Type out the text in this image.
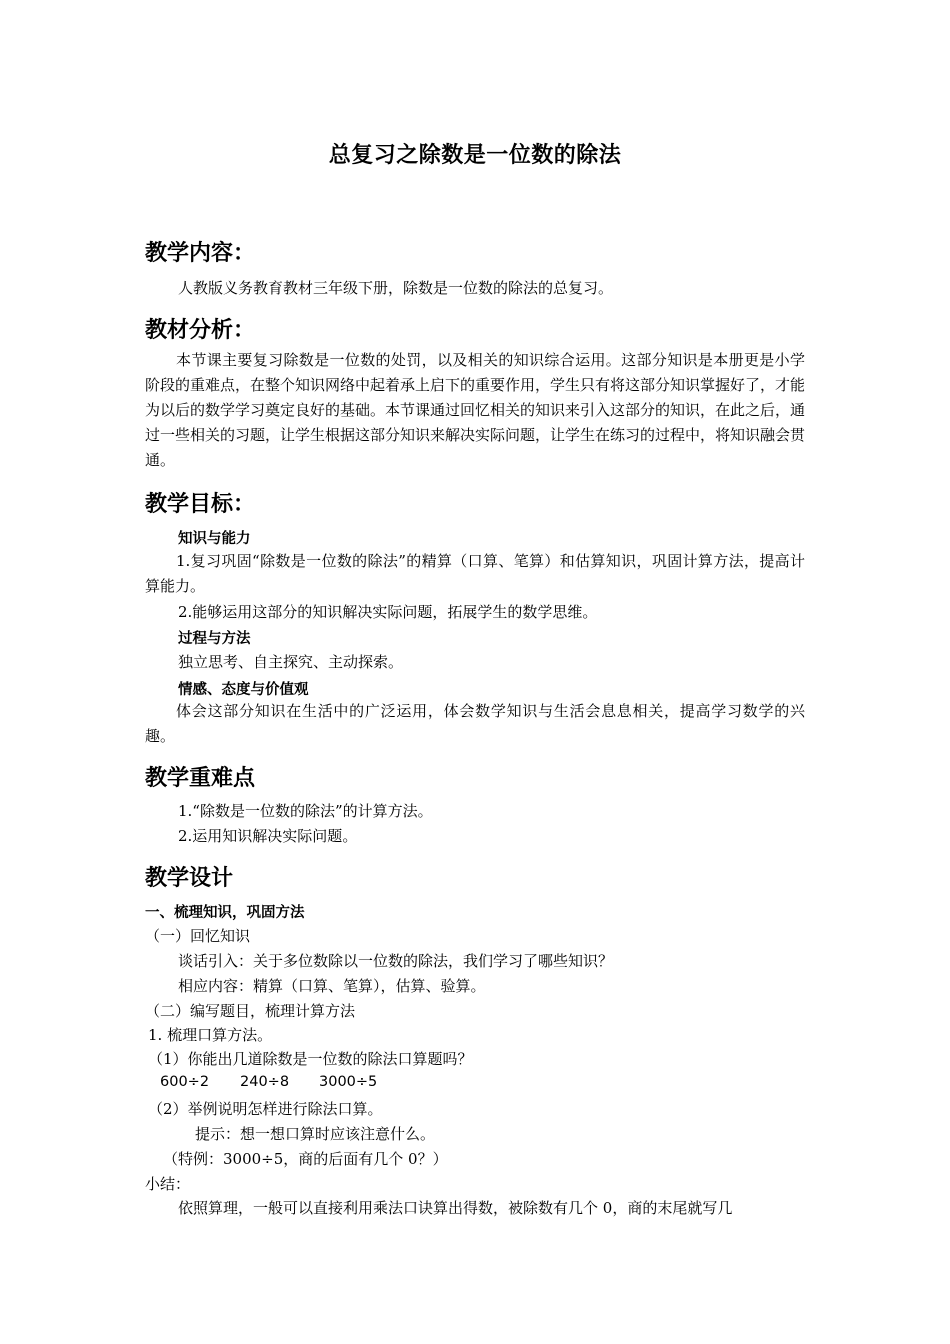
总复习之除数是一位数的除法
教学内容：
人教版义务教育教材三年级下册，除数是一位数的除法的总复习。
教材分析：
本节课主要复习除数是一位数的处罚，以及相关的知识综合运用。这部分知识是本册更是小学阶段的重难点，在整个知识网络中起着承上启下的重要作用，学生只有将这部分知识掌握好了，才能为以后的数学学习奠定良好的基础。本节课通过回忆相关的知识来引入这部分的知识，在此之后，通过一些相关的习题，让学生根据这部分知识来解决实际问题，让学生在练习的过程中，将知识融会贯通。
教学目标：
知识与能力
1.复习巩固“除数是一位数的除法”的精算（口算、笔算）和估算知识，巩固计算方法，提高计算能力。
2.能够运用这部分的知识解决实际问题，拓展学生的数学思维。
过程与方法
独立思考、自主探究、主动探索。
情感、态度与价值观
体会这部分知识在生活中的广泛运用，体会数学知识与生活会息息相关，提高学习数学的兴趣。
教学重难点
1.“除数是一位数的除法”的计算方法。
2.运用知识解决实际问题。
教学设计
一、梳理知识，巩固方法
（一）回忆知识
谈话引入：关于多位数除以一位数的除法，我们学习了哪些知识？
相应内容：精算（口算、笔算），估算、验算。
（二）编写题目，梳理计算方法
1. 梳理口算方法。
（1）你能出几道除数是一位数的除法口算题吗？
600÷2 240÷8 3000÷5
（2）举例说明怎样进行除法口算。
提示：想一想口算时应该注意什么。
（特例：3000÷5，商的后面有几个 0？）
小结：
依照算理，一般可以直接利用乘法口诀算出得数，被除数有几个 0，商的末尾就写几
